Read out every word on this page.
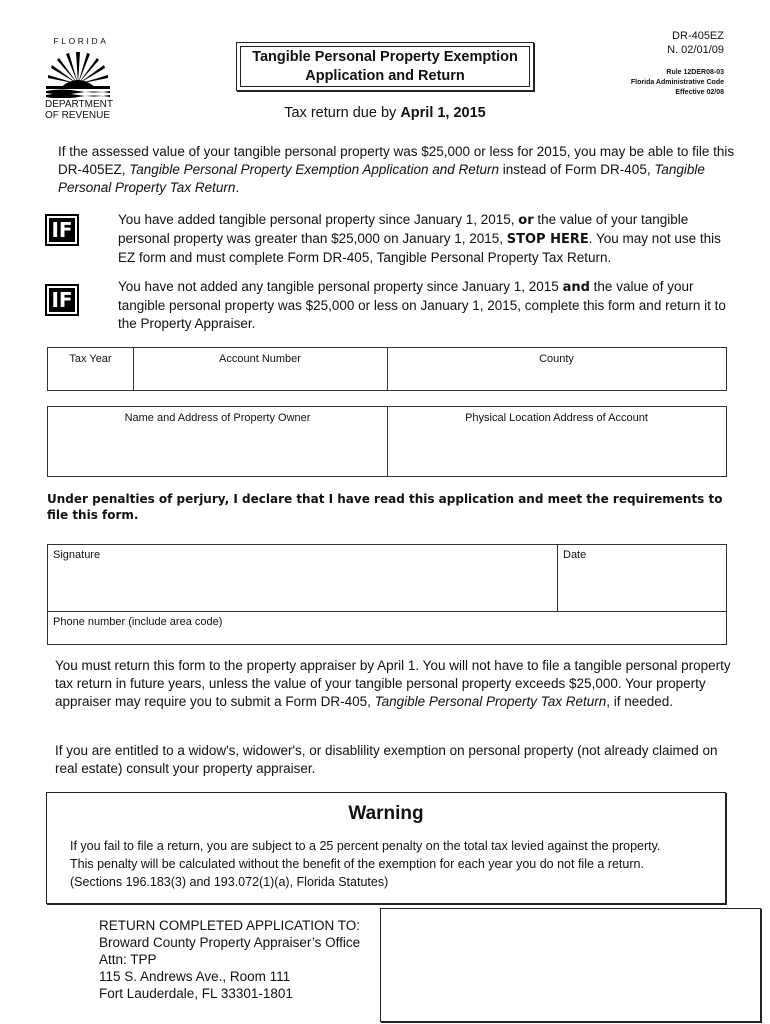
FLORIDA
DEPARTMENT
OF REVENUE
Tangible Personal Property Exemption
Application and Return
DR-405EZ
N. 02/01/09
Rule 12DER08-03
Florida Administrative Code
Effective 02/08
Tax return due by April 1, 2015
If the assessed value of your tangible personal property was $25,000 or less for 2015, you may be able to file this DR-405EZ, Tangible Personal Property Exemption Application and Return instead of Form DR-405, Tangible Personal Property Tax Return.
IF	You have added tangible personal property since January 1, 2015, or the value of your tangible personal property was greater than $25,000 on January 1, 2015, STOP HERE. You may not use this EZ form and must complete Form DR-405, Tangible Personal Property Tax Return.
IF
You have not added any tangible personal property since January 1, 2015 and the value of your tangible personal property was $25,000 or less on January 1, 2015, complete this form and return it to the Property Appraiser.
Tax Year	Account Number	County
Name and Address of Property Owner	Physical Location Address of Account
Under penalties of perjury, I declare that I have read this application and meet the requirements to file this form.
Signature	Date
Phone number (include area code)
You must return this form to the property appraiser by April 1. You will not have to file a tangible personal property tax return in future years, unless the value of your tangible personal property exceeds $25,000. Your property appraiser may require you to submit a Form DR-405, Tangible Personal Property Tax Return, if needed.
If you are entitled to a widow's, widower's, or disablility exemption on personal property (not already claimed on real estate) consult your property appraiser.
Warning
If you fail to file a return, you are subject to a 25 percent penalty on the total tax levied against the property.
This penalty will be calculated without the benefit of the exemption for each year you do not file a return.
(Sections 196.183(3) and 193.072(1)(a), Florida Statutes)
RETURN COMPLETED APPLICATION TO:
Broward County Property Appraiser’s Office
Attn: TPP
115 S. Andrews Ave., Room 111
Fort Lauderdale, FL 33301-1801
